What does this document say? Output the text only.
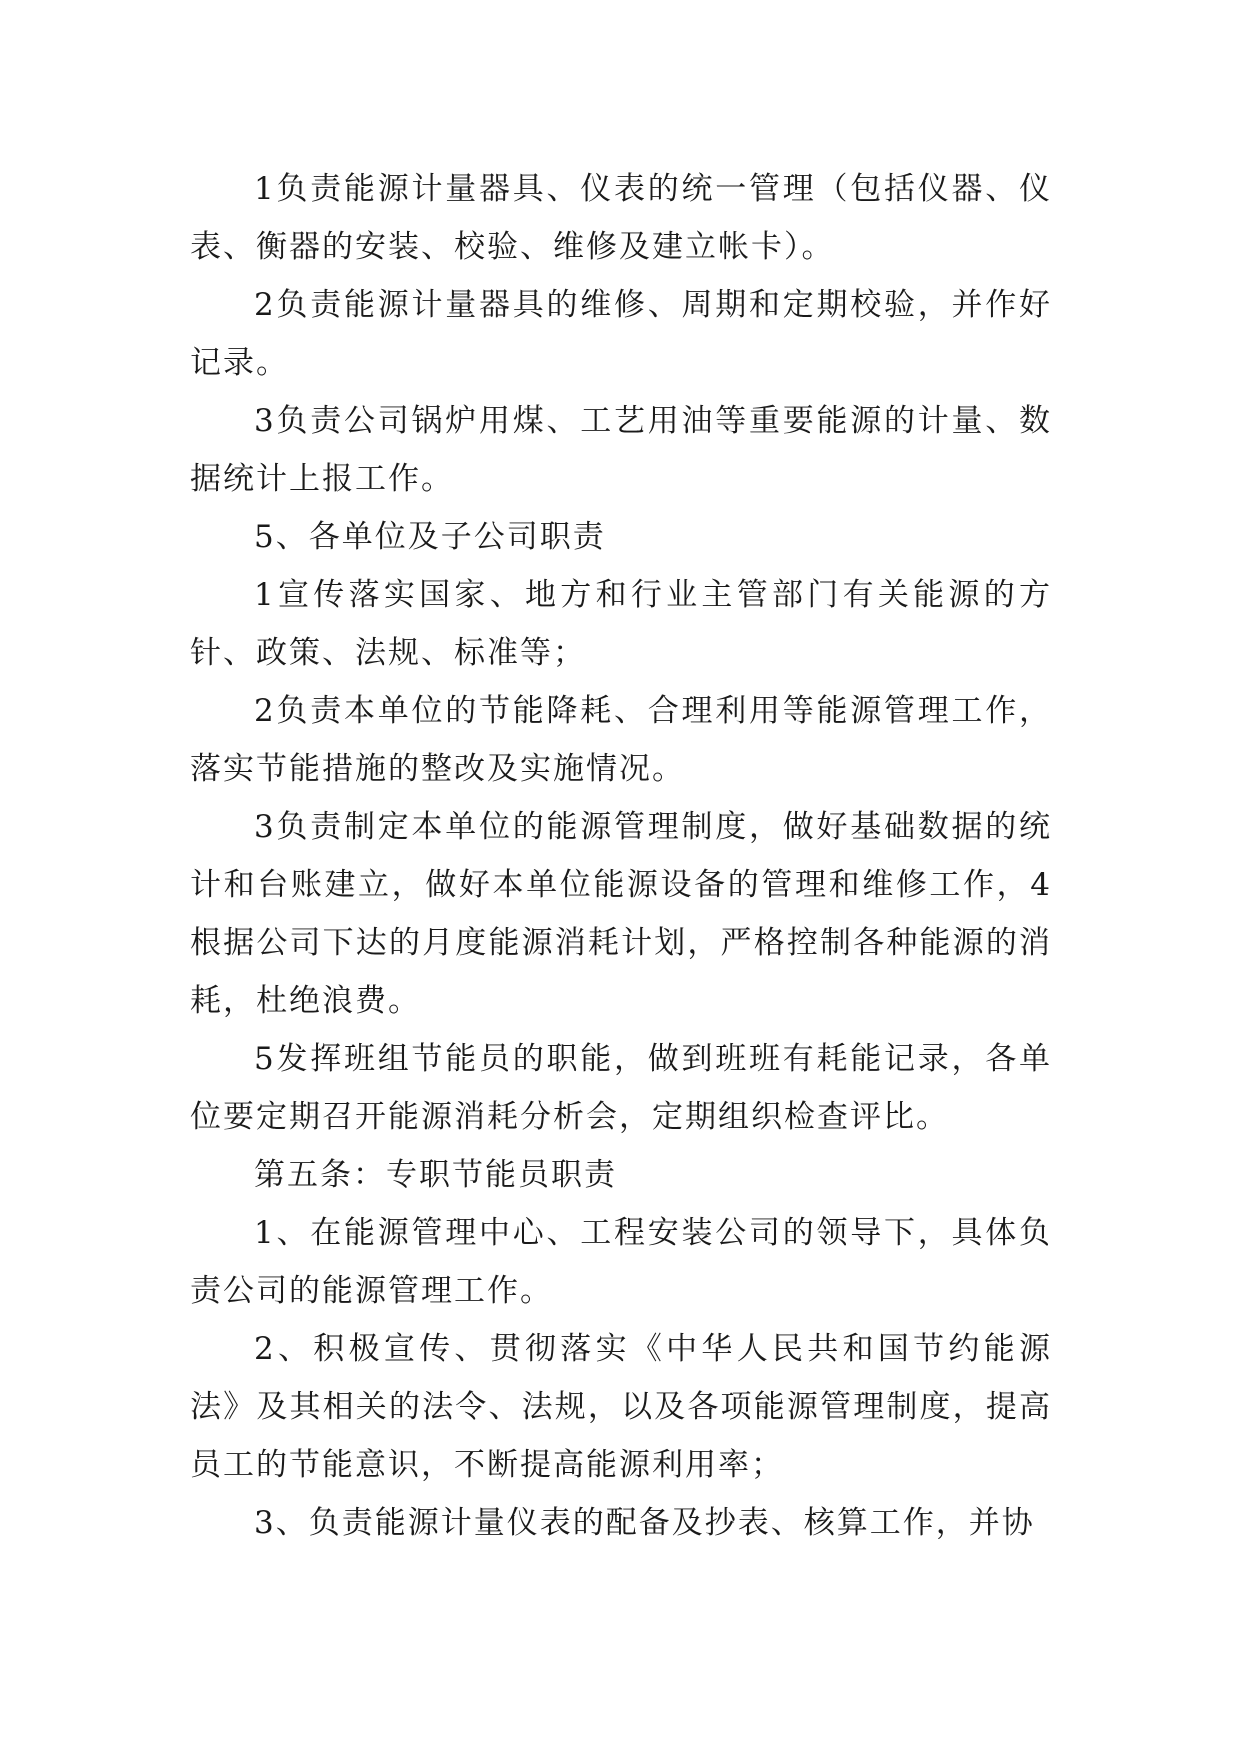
1负责能源计量器具、仪表的统一管理（包括仪器、仪表、衡器的安装、校验、维修及建立帐卡）。

2负责能源计量器具的维修、周期和定期校验，并作好记录。

3负责公司锅炉用煤、工艺用油等重要能源的计量、数据统计上报工作。

5、各单位及子公司职责

1宣传落实国家、地方和行业主管部门有关能源的方针、政策、法规、标准等；

2负责本单位的节能降耗、合理利用等能源管理工作，落实节能措施的整改及实施情况。

3负责制定本单位的能源管理制度，做好基础数据的统计和台账建立，做好本单位能源设备的管理和维修工作，4根据公司下达的月度能源消耗计划，严格控制各种能源的消耗，杜绝浪费。

5发挥班组节能员的职能，做到班班有耗能记录，各单位要定期召开能源消耗分析会，定期组织检查评比。

第五条：专职节能员职责

1、在能源管理中心、工程安装公司的领导下，具体负责公司的能源管理工作。

2、积极宣传、贯彻落实《中华人民共和国节约能源法》及其相关的法令、法规，以及各项能源管理制度，提高员工的节能意识，不断提高能源利用率；

3、负责能源计量仪表的配备及抄表、核算工作，并协
